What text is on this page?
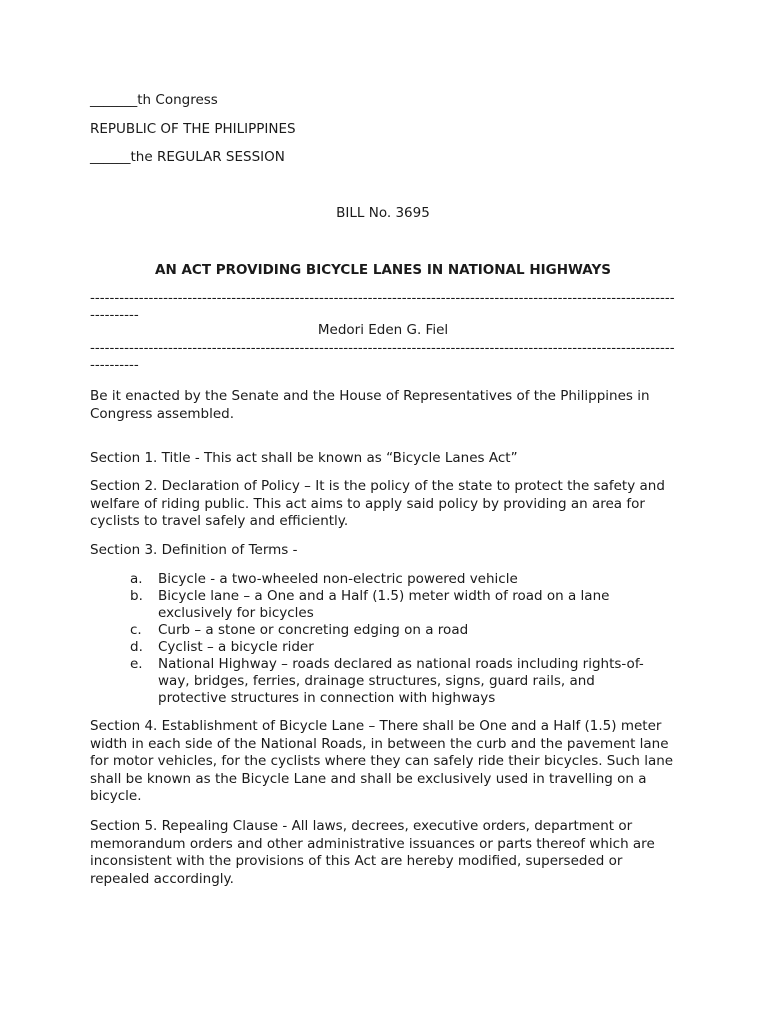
_______th Congress
REPUBLIC OF THE PHILIPPINES
______the REGULAR SESSION
BILL No. 3695
AN ACT PROVIDING BICYCLE LANES IN NATIONAL HIGHWAYS
----------------------------------------------------------------------------------------------------------------------------------
Medori Eden G. Fiel
----------------------------------------------------------------------------------------------------------------------------------
Be it enacted by the Senate and the House of Representatives of the Philippines in Congress assembled.
Section 1. Title - This act shall be known as “Bicycle Lanes Act”
Section 2. Declaration of Policy – It is the policy of the state to protect the safety and welfare of riding public. This act aims to apply said policy by providing an area for cyclists to travel safely and efficiently.
Section 3. Definition of Terms -
a. Bicycle - a two-wheeled non-electric powered vehicle
b. Bicycle lane – a One and a Half (1.5) meter width of road on a lane exclusively for bicycles
c. Curb – a stone or concreting edging on a road
d. Cyclist – a bicycle rider
e. National Highway – roads declared as national roads including rights-of-way, bridges, ferries, drainage structures, signs, guard rails, and protective structures in connection with highways
Section 4. Establishment of Bicycle Lane – There shall be One and a Half (1.5) meter width in each side of the National Roads, in between the curb and the pavement lane for motor vehicles, for the cyclists where they can safely ride their bicycles. Such lane shall be known as the Bicycle Lane and shall be exclusively used in travelling on a bicycle.
Section 5. Repealing Clause - All laws, decrees, executive orders, department or memorandum orders and other administrative issuances or parts thereof which are inconsistent with the provisions of this Act are hereby modified, superseded or repealed accordingly.
